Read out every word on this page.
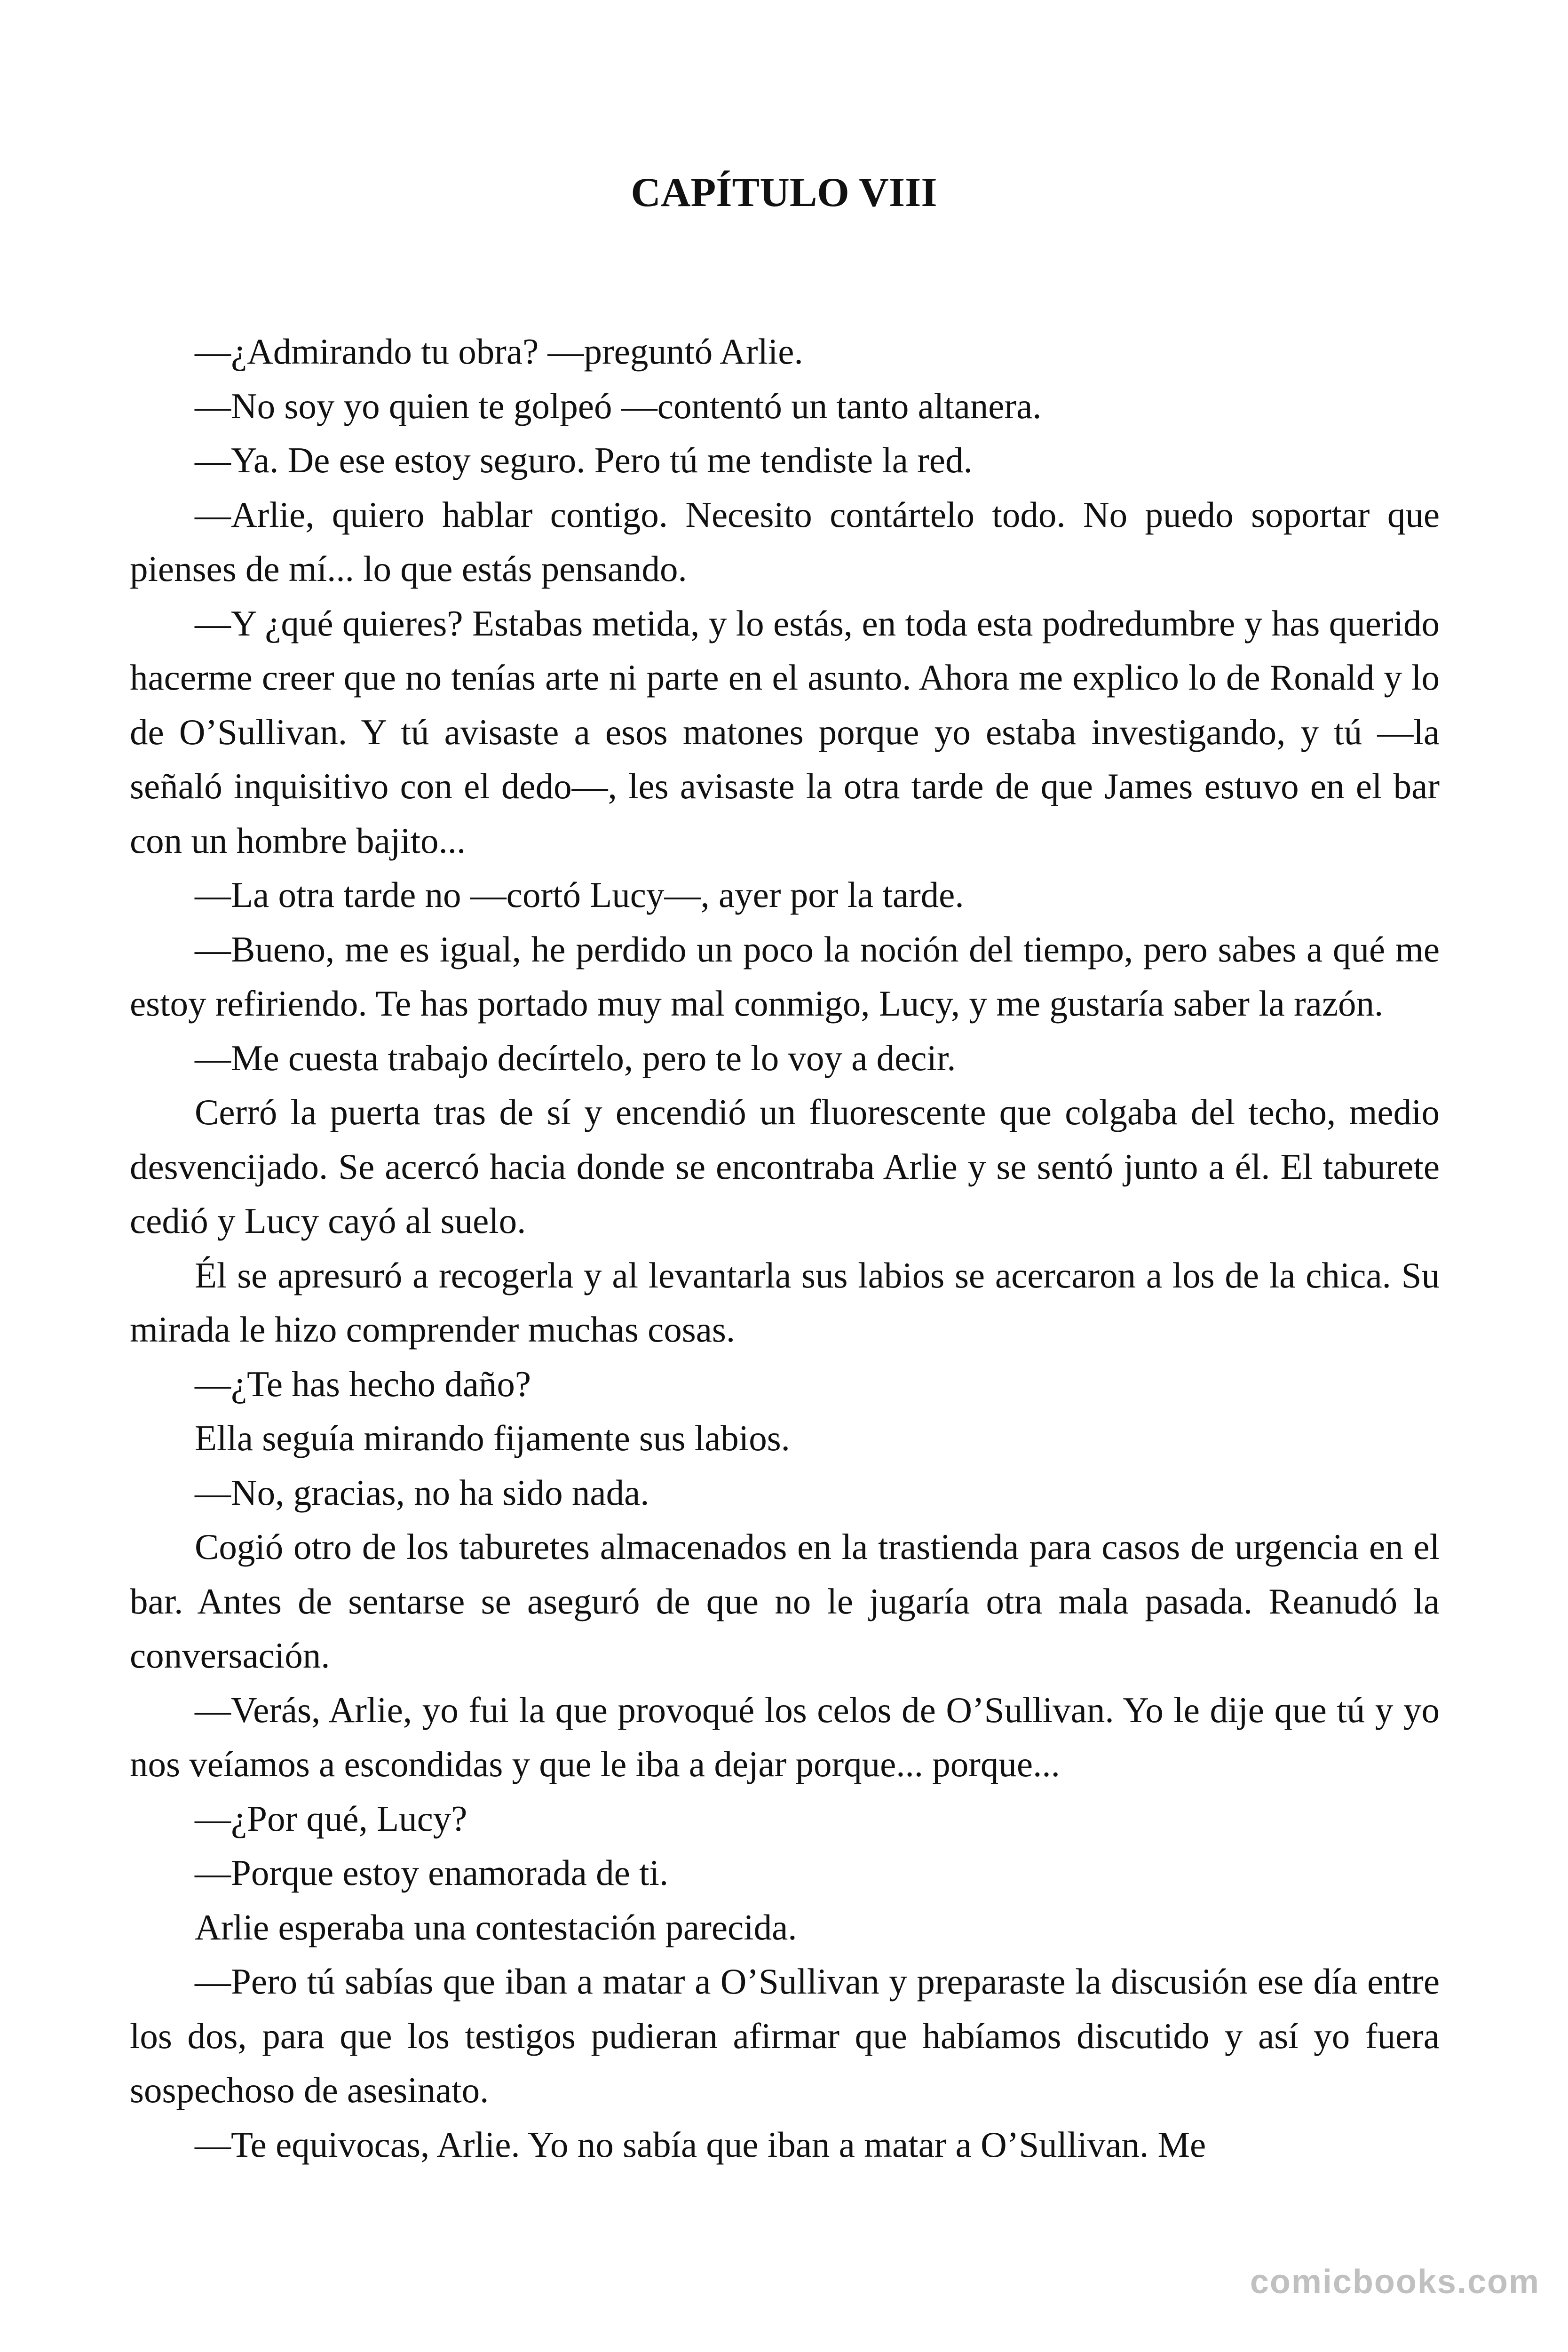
CAPÍTULO VIII

—¿Admirando tu obra? —preguntó Arlie.

—No soy yo quien te golpeó —contentó un tanto altanera.

—Ya. De ese estoy seguro. Pero tú me tendiste la red.

—Arlie, quiero hablar contigo. Necesito contártelo todo. No puedo soportar que pienses de mí... lo que estás pensando.

—Y ¿qué quieres? Estabas metida, y lo estás, en toda esta podredumbre y has querido hacerme creer que no tenías arte ni parte en el asunto. Ahora me explico lo de Ronald y lo de O’Sullivan. Y tú avisaste a esos matones porque yo estaba investigando, y tú —la señaló inquisitivo con el dedo—, les avisaste la otra tarde de que James estuvo en el bar con un hombre bajito...

—La otra tarde no —cortó Lucy—, ayer por la tarde.

—Bueno, me es igual, he perdido un poco la noción del tiempo, pero sabes a qué me estoy refiriendo. Te has portado muy mal conmigo, Lucy, y me gustaría saber la razón.

—Me cuesta trabajo decírtelo, pero te lo voy a decir.

Cerró la puerta tras de sí y encendió un fluorescente que colgaba del techo, medio desvencijado. Se acercó hacia donde se encontraba Arlie y se sentó junto a él. El taburete cedió y Lucy cayó al suelo.

Él se apresuró a recogerla y al levantarla sus labios se acercaron a los de la chica. Su mirada le hizo comprender muchas cosas.

—¿Te has hecho daño?

Ella seguía mirando fijamente sus labios.

—No, gracias, no ha sido nada.

Cogió otro de los taburetes almacenados en la trastienda para casos de urgencia en el bar. Antes de sentarse se aseguró de que no le jugaría otra mala pasada. Reanudó la conversación.

—Verás, Arlie, yo fui la que provoqué los celos de O’Sullivan. Yo le dije que tú y yo nos veíamos a escondidas y que le iba a dejar porque... porque...

—¿Por qué, Lucy?

—Porque estoy enamorada de ti.

Arlie esperaba una contestación parecida.

—Pero tú sabías que iban a matar a O’Sullivan y preparaste la discusión ese día entre los dos, para que los testigos pudieran afirmar que habíamos discutido y así yo fuera sospechoso de asesinato.

—Te equivocas, Arlie. Yo no sabía que iban a matar a O’Sullivan. Me

comicbooks.com
